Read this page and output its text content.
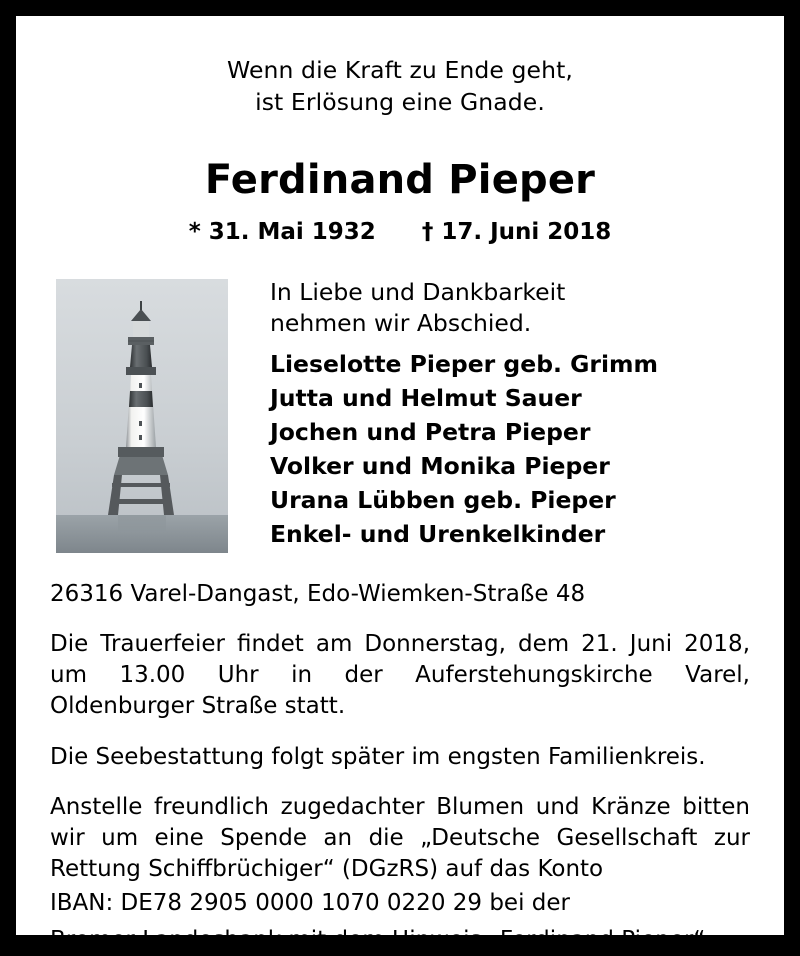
Wenn die Kraft zu Ende geht,
ist Erlösung eine Gnade.
Ferdinand Pieper
* 31. Mai 1932 † 17. Juni 2018
In Liebe und Dankbarkeit
nehmen wir Abschied.
Lieselotte Pieper geb. Grimm
Jutta und Helmut Sauer
Jochen und Petra Pieper
Volker und Monika Pieper
Urana Lübben geb. Pieper
Enkel- und Urenkelkinder
26316 Varel-Dangast, Edo-Wiemken-Straße 48
Die Trauerfeier findet am Donnerstag, dem 21. Juni 2018, um 13.00 Uhr in der Auferstehungskirche Varel, Oldenburger Straße statt.
Die Seebestattung folgt später im engsten Familienkreis.
Anstelle freundlich zugedachter Blumen und Kränze bitten wir um eine Spende an die „Deutsche Gesellschaft zur Rettung Schiffbrüchiger“ (DGzRS) auf das Konto
IBAN: DE78 2905 0000 1070 0220 29 bei der
Bremer Landesbank mit dem Hinweis „Ferdinand Pieper“.
